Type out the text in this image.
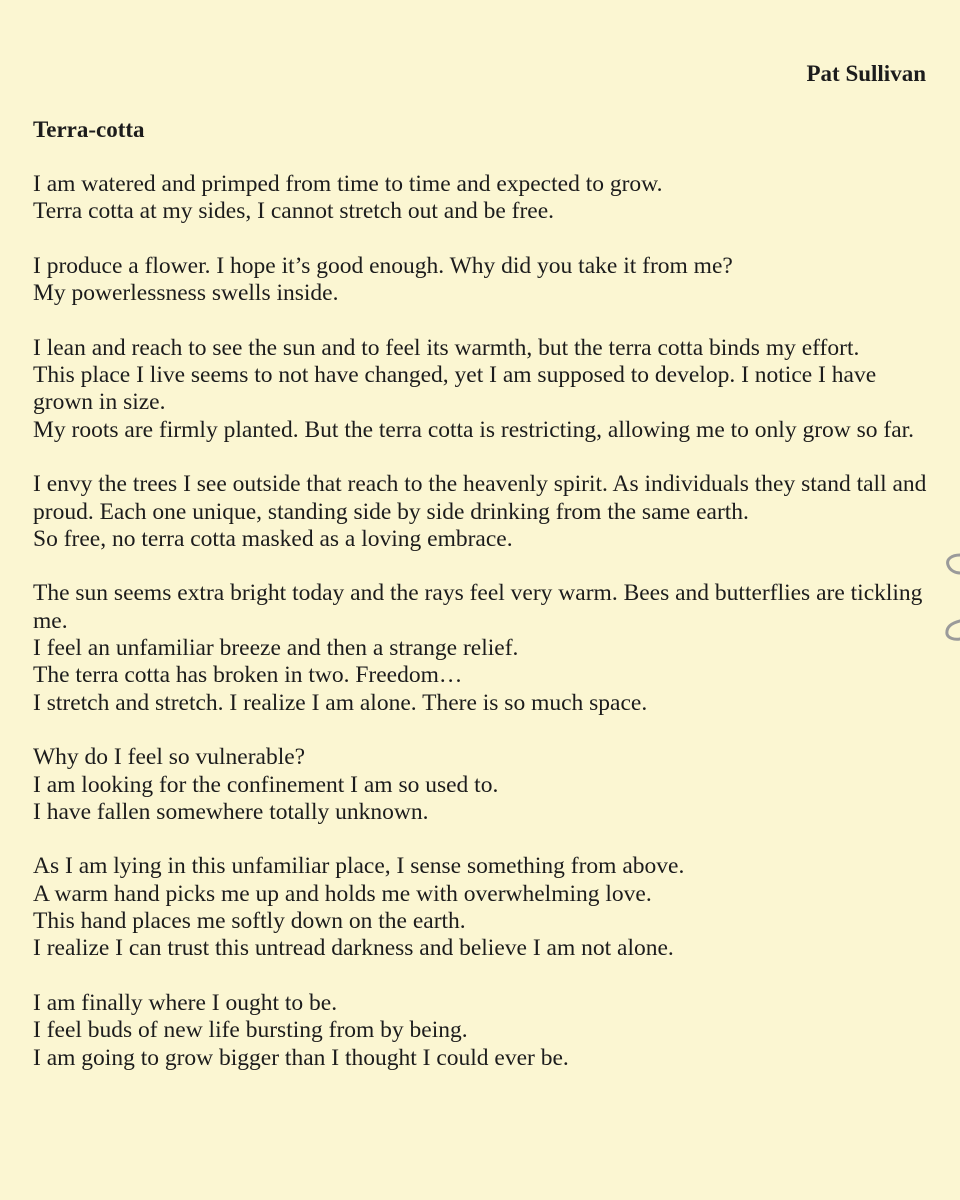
Pat Sullivan
Terra-cotta
I am watered and primped from time to time and expected to grow.
Terra cotta at my sides, I cannot stretch out and be free.
I produce a flower. I hope it’s good enough. Why did you take it from me?
My powerlessness swells inside.
I lean and reach to see the sun and to feel its warmth, but the terra cotta binds my effort.
This place I live seems to not have changed, yet I am supposed to develop. I notice I have grown in size.
My roots are firmly planted. But the terra cotta is restricting, allowing me to only grow so far.
I envy the trees I see outside that reach to the heavenly spirit. As individuals they stand tall and proud. Each one unique, standing side by side drinking from the same earth.
So free, no terra cotta masked as a loving embrace.
The sun seems extra bright today and the rays feel very warm. Bees and butterflies are tickling me.
I feel an unfamiliar breeze and then a strange relief.
The terra cotta has broken in two. Freedom…
I stretch and stretch. I realize I am alone. There is so much space.
Why do I feel so vulnerable?
I am looking for the confinement I am so used to.
I have fallen somewhere totally unknown.
As I am lying in this unfamiliar place, I sense something from above.
A warm hand picks me up and holds me with overwhelming love.
This hand places me softly down on the earth.
I realize I can trust this untread darkness and believe I am not alone.
I am finally where I ought to be.
I feel buds of new life bursting from by being.
I am going to grow bigger than I thought I could ever be.
